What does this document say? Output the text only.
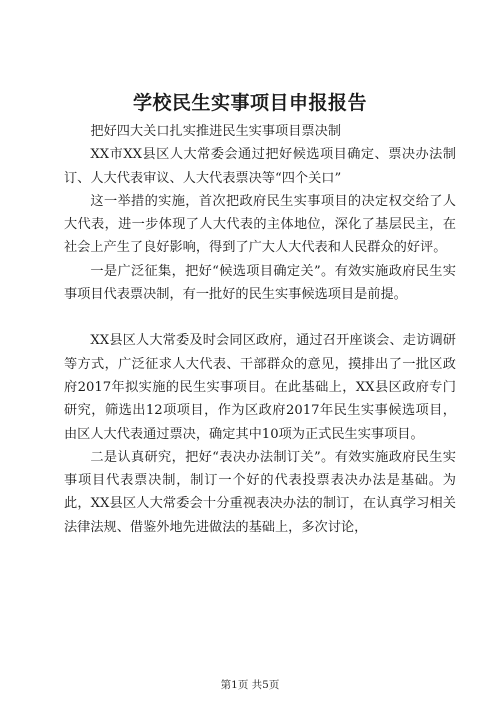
学校民生实事项目申报报告

把好四大关口扎实推进民生实事项目票决制

XX市XX县区人大常委会通过把好候选项目确定、票决办法制订、人大代表审议、人大代表票决等“四个关口”

这一举措的实施，首次把政府民生实事项目的决定权交给了人大代表，进一步体现了人大代表的主体地位，深化了基层民主，在社会上产生了良好影响，得到了广大人大代表和人民群众的好评。

一是广泛征集，把好“候选项目确定关”。有效实施政府民生实事项目代表票决制，有一批好的民生实事候选项目是前提。

XX县区人大常委及时会同区政府，通过召开座谈会、走访调研等方式，广泛征求人大代表、干部群众的意见，摸排出了一批区政府2017年拟实施的民生实事项目。在此基础上，XX县区政府专门研究，筛选出12项项目，作为区政府2017年民生实事候选项目，由区人大代表通过票决，确定其中10项为正式民生实事项目。

二是认真研究，把好“表决办法制订关”。有效实施政府民生实事项目代表票决制，制订一个好的代表投票表决办法是基础。为此，XX县区人大常委会十分重视表决办法的制订，在认真学习相关法律法规、借鉴外地先进做法的基础上，多次讨论，

第1页 共5页
